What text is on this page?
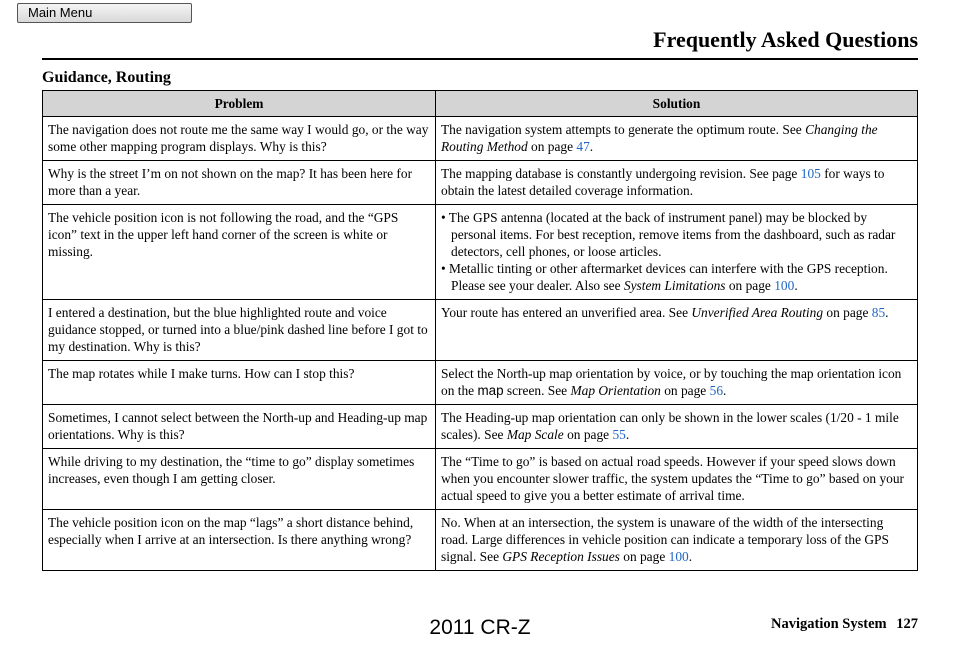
Main Menu
Frequently Asked Questions
Guidance, Routing
Problem	Solution
The navigation does not route me the same way I would go, or the way some other mapping program displays. Why is this?	The navigation system attempts to generate the optimum route. See Changing the Routing Method on page 47.
Why is the street I’m on not shown on the map? It has been here for more than a year.	The mapping database is constantly undergoing revision. See page 105 for ways to obtain the latest detailed coverage information.
The vehicle position icon is not following the road, and the “GPS icon” text in the upper left hand corner of the screen is white or missing.	• The GPS antenna (located at the back of instrument panel) may be blocked by personal items. For best reception, remove items from the dashboard, such as radar detectors, cell phones, or loose articles.
• Metallic tinting or other aftermarket devices can interfere with the GPS reception. Please see your dealer. Also see System Limitations on page 100.

I entered a destination, but the blue highlighted route and voice guidance stopped, or turned into a blue/pink dashed line before I got to my destination. Why is this?	Your route has entered an unverified area. See Unverified Area Routing on page 85.
The map rotates while I make turns. How can I stop this?	Select the North-up map orientation by voice, or by touching the map orientation icon on the map screen. See Map Orientation on page 56.
Sometimes, I cannot select between the North-up and Heading-up map orientations. Why is this?	The Heading-up map orientation can only be shown in the lower scales (1/20 - 1 mile scales). See Map Scale on page 55.
While driving to my destination, the “time to go” display sometimes increases, even though I am getting closer.	The “Time to go” is based on actual road speeds. However if your speed slows down when you encounter slower traffic, the system updates the “Time to go” based on your actual speed to give you a better estimate of arrival time.
The vehicle position icon on the map “lags” a short distance behind, especially when I arrive at an intersection. Is there anything wrong?	No. When at an intersection, the system is unaware of the width of the intersecting road. Large differences in vehicle position can indicate a temporary loss of the GPS signal. See GPS Reception Issues on page 100.
2011 CR-Z	Navigation System 127
